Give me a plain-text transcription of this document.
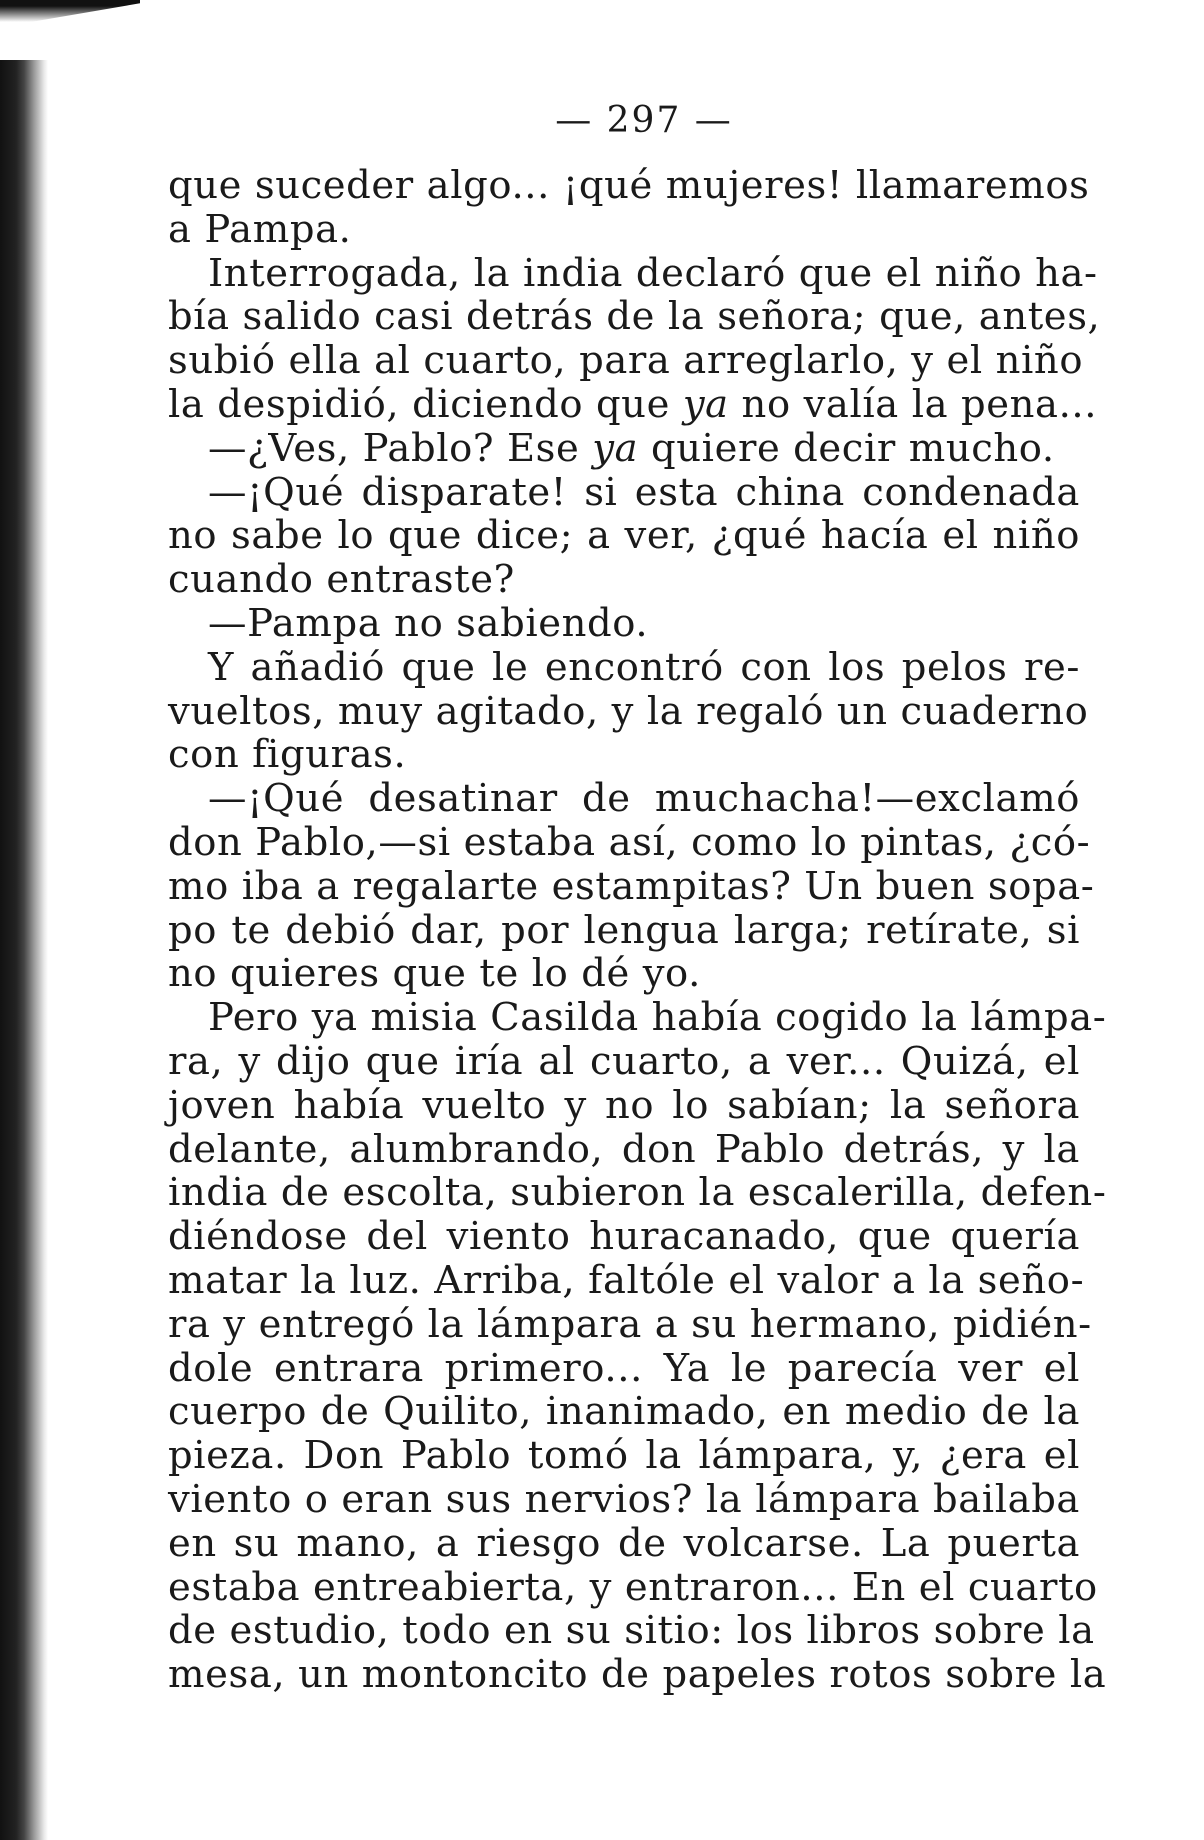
— 297 —
que suceder algo... ¡qué mujeres! llamaremos
a Pampa.
Interrogada, la india declaró que el niño ha-
bía salido casi detrás de la señora; que, antes,
subió ella al cuarto, para arreglarlo, y el niño
la despidió, diciendo que ya no valía la pena...
—¿Ves, Pablo? Ese ya quiere decir mucho.
—¡Qué disparate! si esta china condenada
no sabe lo que dice; a ver, ¿qué hacía el niño
cuando entraste?
—Pampa no sabiendo.
Y añadió que le encontró con los pelos re-
vueltos, muy agitado, y la regaló un cuaderno
con figuras.
—¡Qué desatinar de muchacha!—exclamó
don Pablo,—si estaba así, como lo pintas, ¿có-
mo iba a regalarte estampitas? Un buen sopa-
po te debió dar, por lengua larga; retírate, si
no quieres que te lo dé yo.
Pero ya misia Casilda había cogido la lámpa-
ra, y dijo que iría al cuarto, a ver... Quizá, el
joven había vuelto y no lo sabían; la señora
delante, alumbrando, don Pablo detrás, y la
india de escolta, subieron la escalerilla, defen-
diéndose del viento huracanado, que quería
matar la luz. Arriba, faltóle el valor a la seño-
ra y entregó la lámpara a su hermano, pidién-
dole entrara primero... Ya le parecía ver el
cuerpo de Quilito, inanimado, en medio de la
pieza. Don Pablo tomó la lámpara, y, ¿era el
viento o eran sus nervios? la lámpara bailaba
en su mano, a riesgo de volcarse. La puerta
estaba entreabierta, y entraron... En el cuarto
de estudio, todo en su sitio: los libros sobre la
mesa, un montoncito de papeles rotos sobre la
